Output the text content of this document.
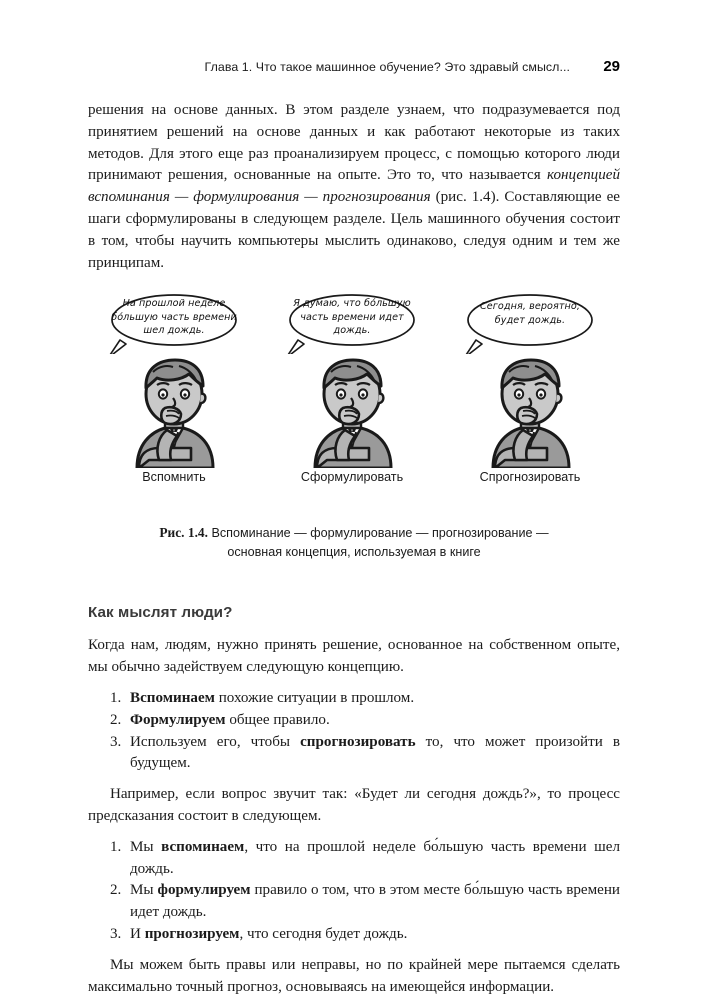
Глава 1. Что такое машинное обучение? Это здравый смысл...	29

решения на основе данных. В этом разделе узнаем, что подразумевается под принятием решений на основе данных и как работают некоторые из таких методов. Для этого еще раз проанализируем процесс, с помощью которого люди принимают решения, основанные на опыте. Это то, что называется концепцией вспоминания — формулирования — прогнозирования (рис. 1.4). Составляющие ее шаги сформулированы в следующем разделе. Цель машинного обучения состоит в том, чтобы научить компьютеры мыслить одинаково, следуя одним и тем же принципам.

На прошлой неделе бо́льшую часть времени шел дождь.
Вспомнить
Я думаю, что бо́льшую часть времени идет дождь.
Сформулировать
Сегодня, вероятно, будет дождь.
Спрогнозировать
Рис. 1.4. Вспоминание — формулирование — прогнозирование —
основная концепция, используемая в книге
Как мыслят люди?

Когда нам, людям, нужно принять решение, основанное на собственном опыте, мы обычно задействуем следующую концепцию.

Вспоминаем похожие ситуации в прошлом.
Формулируем общее правило.
Используем его, чтобы спрогнозировать то, что может произойти в будущем.

Например, если вопрос звучит так: «Будет ли сегодня дождь?», то процесс предсказания состоит в следующем.

Мы вспоминаем, что на прошлой неделе бо́льшую часть времени шел дождь.
Мы формулируем правило о том, что в этом месте бо́льшую часть времени идет дождь.
И прогнозируем, что сегодня будет дождь.

Мы можем быть правы или неправы, но по крайней мере пытаемся сделать максимально точный прогноз, основываясь на имеющейся информации.
